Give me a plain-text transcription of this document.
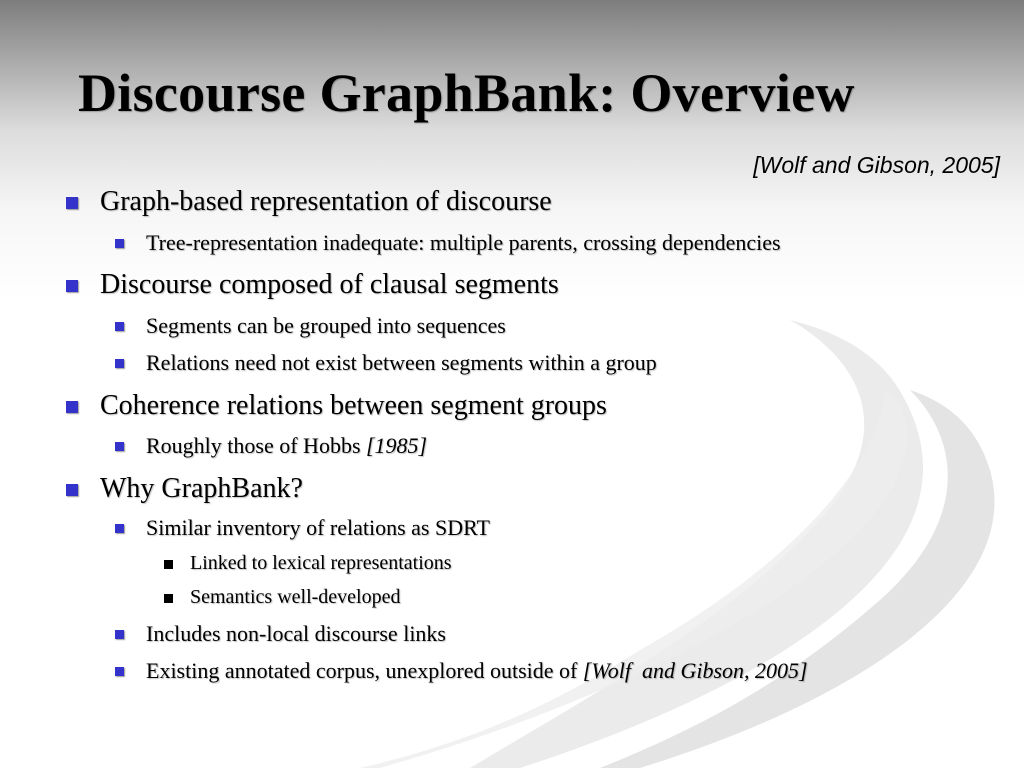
Discourse GraphBank: Overview
[Wolf and Gibson, 2005]
Graph-based representation of discourse
Tree-representation inadequate: multiple parents, crossing dependencies
Discourse composed of clausal segments
Segments can be grouped into sequences
Relations need not exist between segments within a group
Coherence relations between segment groups
Roughly those of Hobbs [1985]
Why GraphBank?
Similar inventory of relations as SDRT
Linked to lexical representations
Semantics well-developed
Includes non-local discourse links
Existing annotated corpus, unexplored outside of [Wolf  and Gibson, 2005]
